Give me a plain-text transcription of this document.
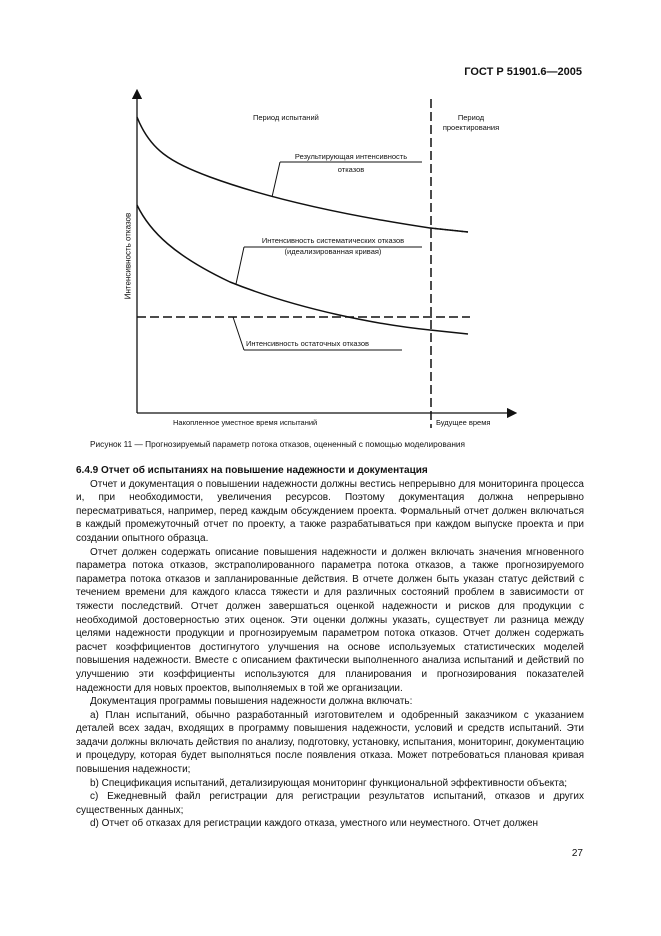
ГОСТ Р 51901.6—2005
Период испытаний	Период
проектирования
Результирующая интенсивность
отказов
Интенсивность систематических отказов
(идеализированная кривая)
Интенсивность остаточных отказов
Интенсивность отказов
Накопленное уместное время испытаний	Будущее время
Рисунок 11 — Прогнозируемый параметр потока отказов, оцененный с помощью моделирования

6.4.9 Отчет об испытаниях на повышение надежности и документация

Отчет и документация о повышении надежности должны вестись непрерывно для мониторинга процесса и, при необходимости, увеличения ресурсов. Поэтому документация должна непрерывно пересматриваться, например, перед каждым обсуждением проекта. Формальный отчет должен включаться в каждый промежуточный отчет по проекту, а также разрабатываться при каждом выпуске проекта и при создании опытного образца.

Отчет должен содержать описание повышения надежности и должен включать значения мгновенного параметра потока отказов, экстраполированного параметра потока отказов, а также прогнозируемого параметра потока отказов и запланированные действия. В отчете должен быть указан статус действий с течением времени для каждого класса тяжести и для различных состояний проблем в зависимости от тяжести последствий. Отчет должен завершаться оценкой надежности и рисков для продукции с необходимой достоверностью этих оценок. Эти оценки должны указать, существует ли разница между целями надежности продукции и прогнозируемым параметром потока отказов. Отчет должен содержать расчет коэффициентов достигнутого улучшения на основе используемых статистических моделей повышения надежности. Вместе с описанием фактически выполненного анализа испытаний и действий по улучшению эти коэффициенты используются для планирования и прогнозирования показателей надежности для новых проектов, выполняемых в той же организации.

Документация программы повышения надежности должна включать:

a) План испытаний, обычно разработанный изготовителем и одобренный заказчиком с указанием деталей всех задач, входящих в программу повышения надежности, условий и средств испытаний. Эти задачи должны включать действия по анализу, подготовку, установку, испытания, мониторинг, документацию и процедуру, которая будет выполняться после появления отказа. Может потребоваться плановая кривая повышения надежности;

b) Спецификация испытаний, детализирующая мониторинг функциональной эффективности объекта;

c) Ежедневный файл регистрации для регистрации результатов испытаний, отказов и других существенных данных;

d) Отчет об отказах для регистрации каждого отказа, уместного или неуместного. Отчет должен

27
